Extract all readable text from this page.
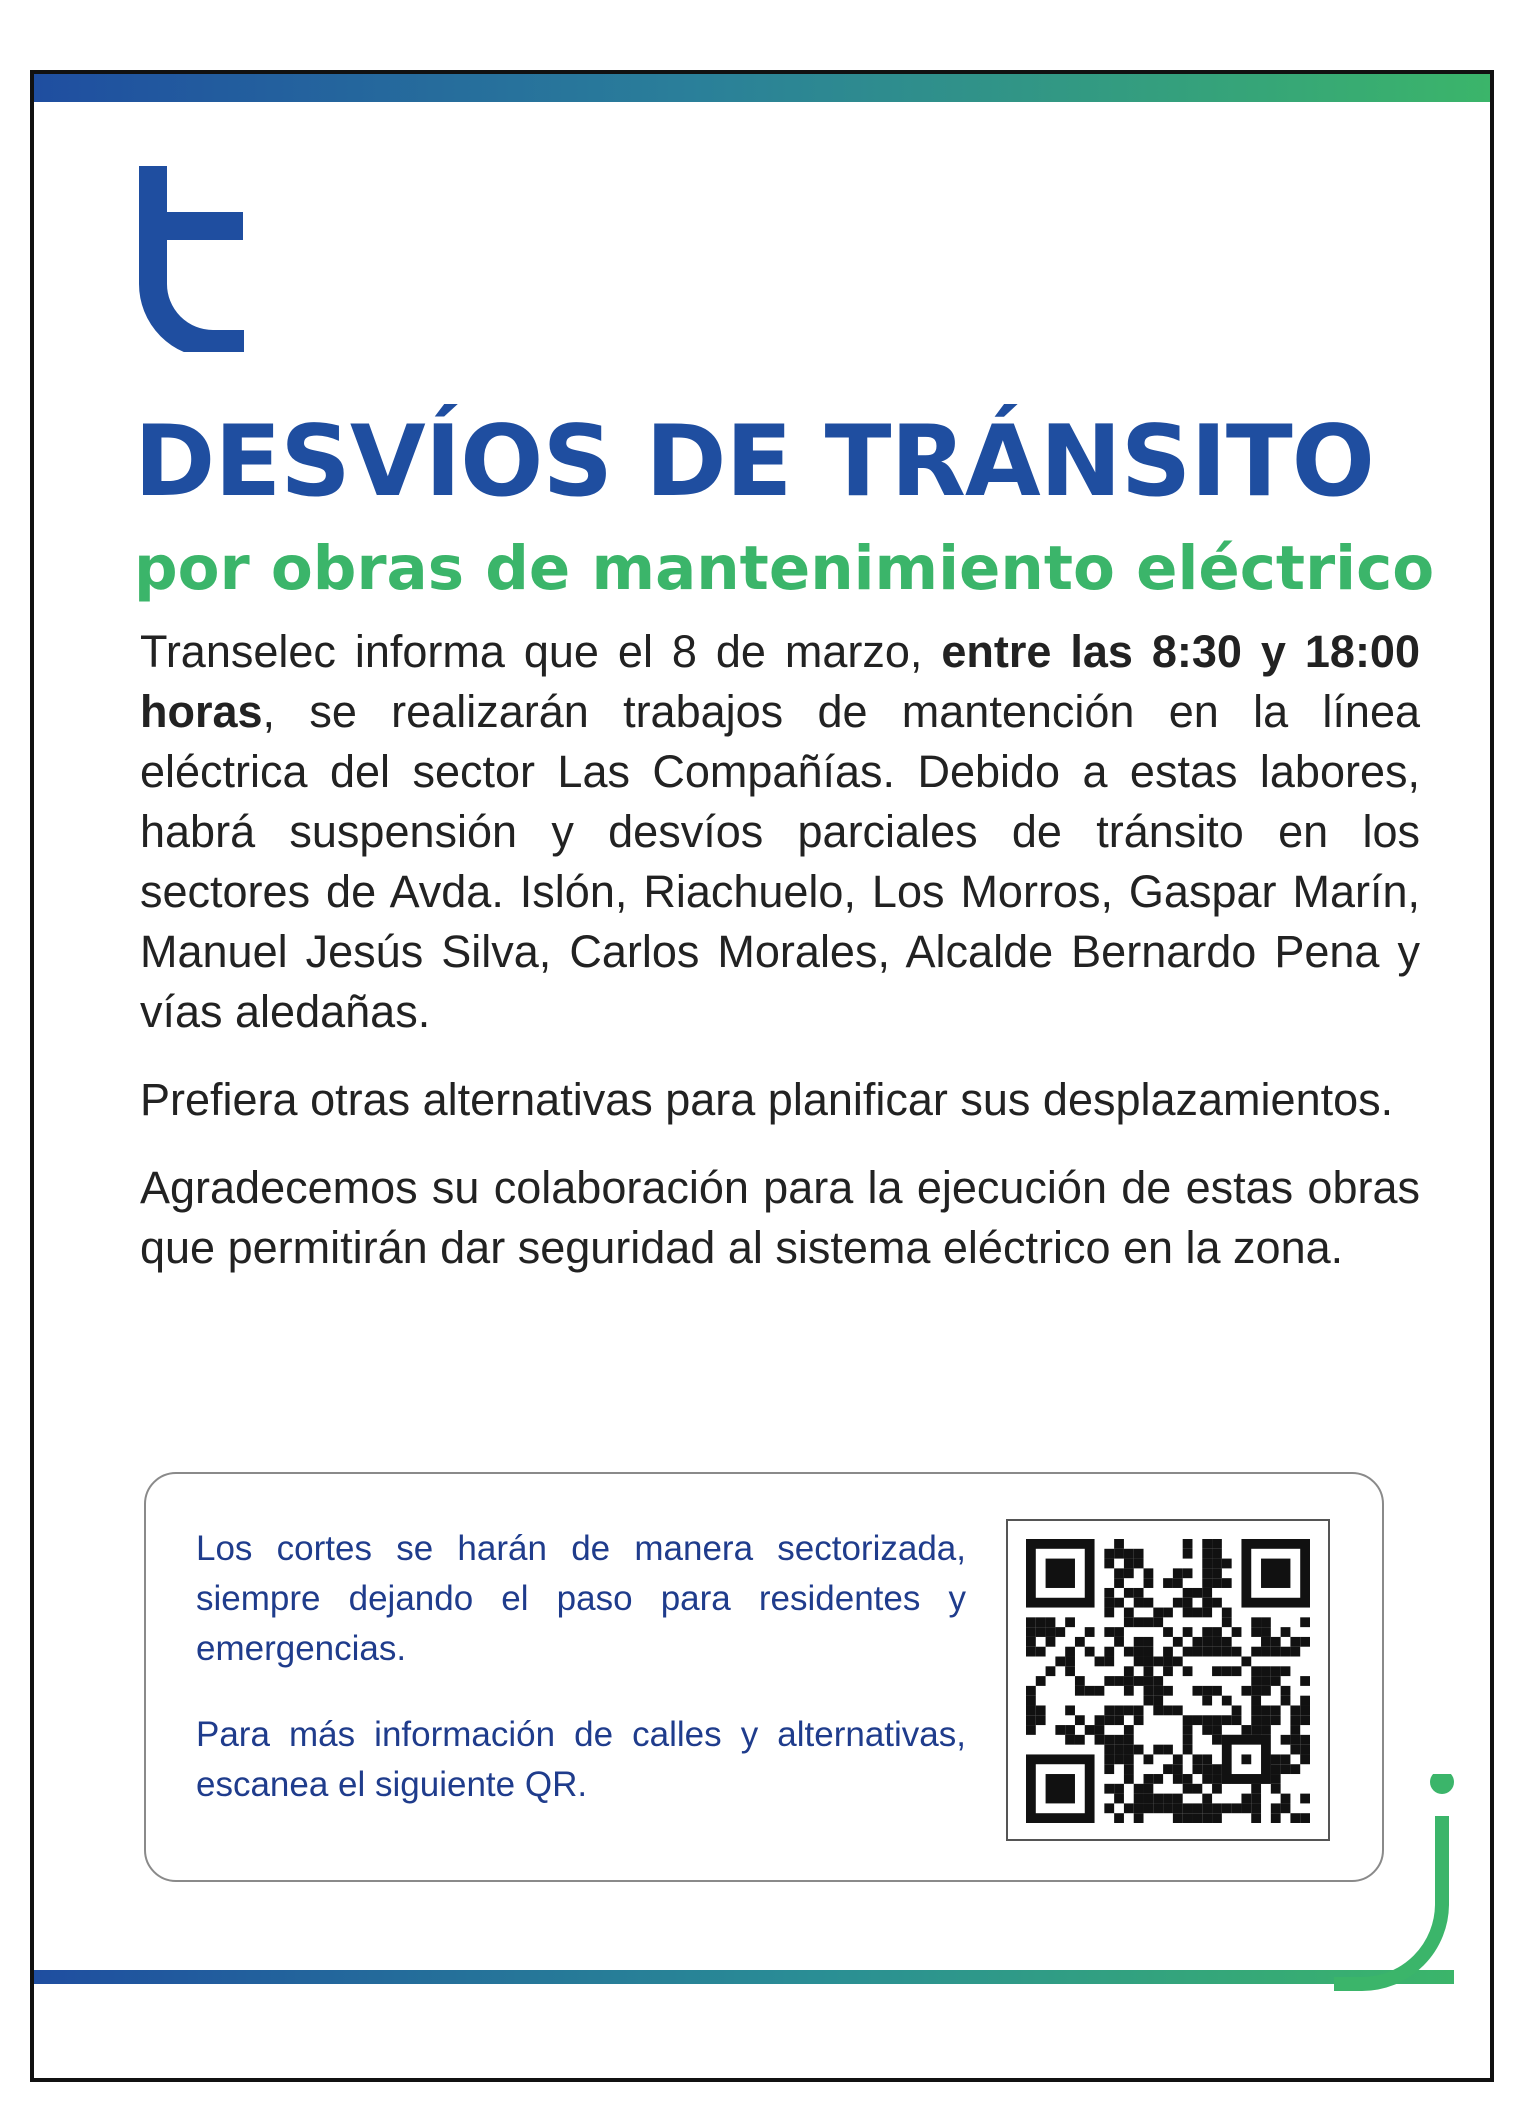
DESVÍOS DE TRÁNSITO
por obras de mantenimiento eléctrico

Transelec informa que el 8 de marzo, entre las 8:30 y 18:00 horas, se realizarán trabajos de mantención en la línea eléctrica del sector Las Compañías. Debido a estas labores, habrá suspensión y desvíos parciales de tránsito en los sectores de Avda. Islón, Riachuelo, Los Morros, Gaspar Marín, Manuel Jesús Silva, Carlos Morales, Alcalde Bernardo Pena y vías aledañas.

Prefiera otras alternativas para planificar sus desplazamientos.

Agradecemos su colaboración para la ejecución de estas obras que permitirán dar seguridad al sistema eléctrico en la zona.

Los cortes se harán de manera sectorizada, siempre dejando el paso para residentes y emergencias.

Para más información de calles y alternativas, escanea el siguiente QR.
